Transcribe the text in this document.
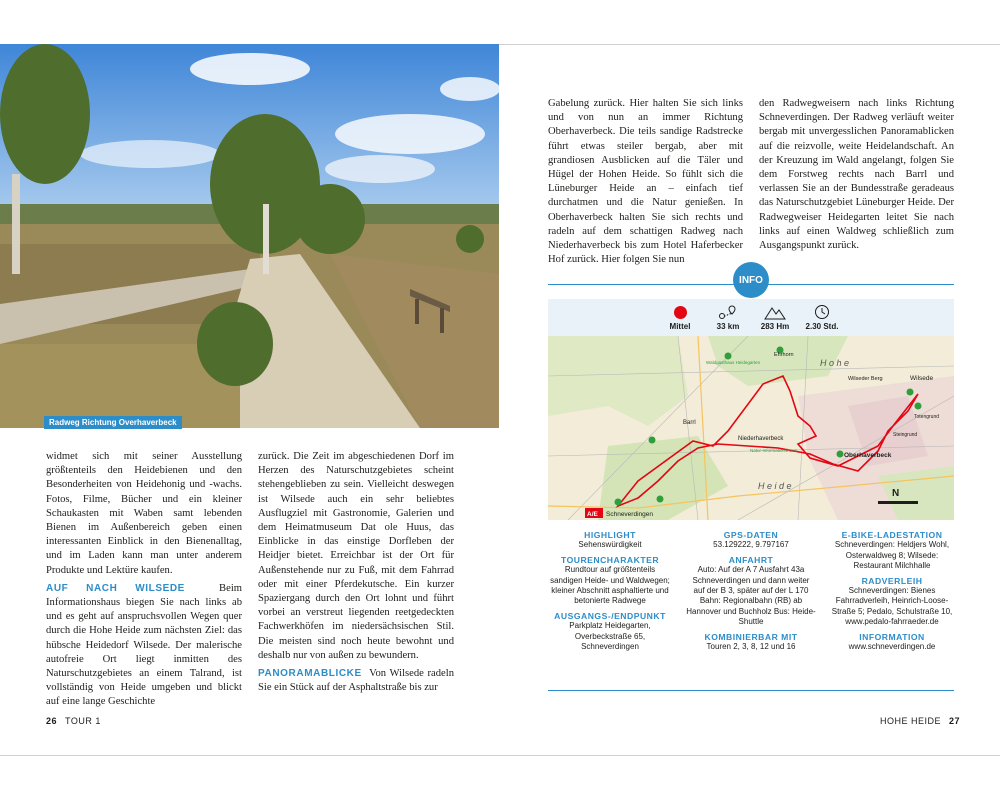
Radweg Richtung Overhaverbeck

widmet sich mit seiner Ausstellung größtenteils den Heidebienen und den Besonderheiten von Heidehonig und -wachs. Fotos, Filme, Bücher und ein kleiner Schaukasten mit Waben samt lebenden Bienen im Außenbereich geben einen interessanten Einblick in den Bienenalltag, und im Laden kann man unter anderem Produkte und Lektüre kaufen.

AUF NACH WILSEDE	Beim Informationshaus biegen Sie nach links ab und es geht auf anspruchsvollen Wegen quer durch die Hohe Heide zum nächsten Ziel: das hübsche Heidedorf Wilsede. Der malerische autofreie Ort liegt inmitten des Naturschutzgebietes an einem Talrand, ist vollständig von Heide umgeben und blickt auf eine lange Geschichte

zurück. Die Zeit im abgeschiedenen Dorf im Herzen des Naturschutzgebietes scheint stehengeblieben zu sein. Vielleicht deswegen ist Wilsede auch ein sehr beliebtes Ausflugziel mit Gastronomie, Galerien und dem Heimatmuseum Dat ole Huus, das Einblicke in das einstige Dorfleben der Heidjer bietet. Erreichbar ist der Ort für Außenstehende nur zu Fuß, mit dem Fahrrad oder mit einer Pferdekutsche. Ein kurzer Spaziergang durch den Ort lohnt und führt vorbei an verstreut liegenden reetgedeckten Fachwerkhöfen im niedersächsischen Stil. Die meisten sind noch heute bewohnt und deshalb nur von außen zu bewundern.

PANORAMABLICKE Von Wilsede radeln Sie ein Stück auf der Asphaltstraße bis zur

Gabelung zurück. Hier halten Sie sich links und von nun an immer Richtung Oberhaverbeck. Die teils sandige Radstrecke führt etwas steiler bergab, aber mit grandiosen Ausblicken auf die Täler und Hügel der Hohen Heide. So fühlt sich die Lüneburger Heide an – einfach tief durchatmen und die Natur genießen. In Oberhaverbeck halten Sie sich rechts und radeln auf dem schattigen Radweg nach Niederhaverbeck bis zum Hotel Haferbecker Hof zurück. Hier folgen Sie nun

den Radwegweisern nach links Richtung Schneverdingen. Der Radweg verläuft weiter bergab mit unvergesslichen Panoramablicken auf die reizvolle, weite Heidelandschaft. An der Kreuzung im Wald angelangt, folgen Sie dem Forstweg rechts nach Barrl und verlassen Sie an der Bundesstraße geradeaus das Naturschutzgebiet Lüneburger Heide. Der Radwegweiser Heidegarten leitet Sie nach links auf einen Waldweg schließlich zum Ausgangspunkt zurück.

INFO
Mittel	33 km	283 Hm	2.30 Std.
H o h e
H e i d e
Wilsede
Wilseder Berg
Niederhaverbeck
Oberhaverbeck
Barrl
Totengrund
Steingrund
Ehrhorn
Natur-Informationshaus
Waldgasthaus Heidegarten
A/E Schneverdingen
N
HIGHLIGHT
Sehenswürdigkeit
TOURENCHARAKTER
Rundtour auf größtenteils sandigen Heide- und Waldwegen; kleiner Abschnitt asphaltierte und betonierte Radwege
AUSGANGS-/ENDPUNKT
Parkplatz Heidegarten, Overbeckstraße 65, Schneverdingen
GPS-DATEN
53.129222, 9.797167
ANFAHRT
Auto: Auf der A 7 Ausfahrt 43a Schneverdingen und dann weiter auf der B 3, später auf der L 170 Bahn: Regionalbahn (RB) ab Hannover und Buchholz Bus: Heide-Shuttle
KOMBINIERBAR MIT
Touren 2, 3, 8, 12 und 16
E-BIKE-LADESTATION
Schneverdingen: Heldjers Wohl, Osterwaldweg 8; Wilsede: Restaurant Milchhalle
RADVERLEIH
Schneverdingen: Bienes Fahrradverleih, Heinrich-Loose-Straße 5; Pedalo, Schulstraße 10, www.pedalo-fahrraeder.de
INFORMATION
www.schneverdingen.de
26 TOUR 1	HOHE HEIDE 27
